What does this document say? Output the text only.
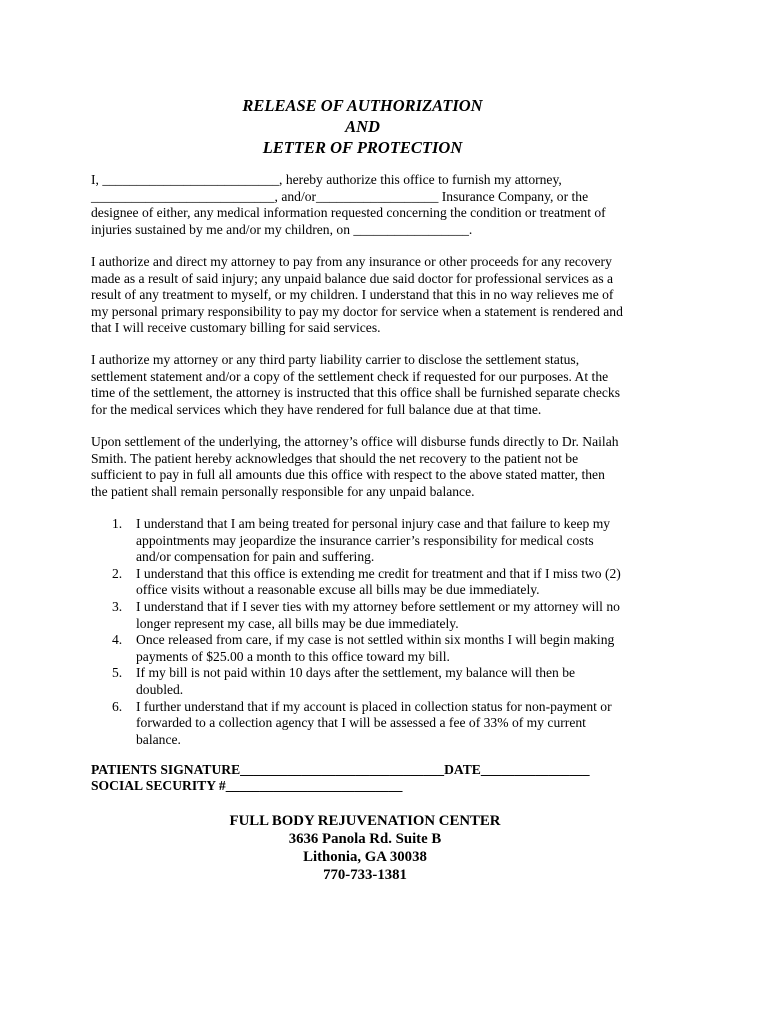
RELEASE OF AUTHORIZATION
AND
LETTER OF PROTECTION
I, __________________________, hereby authorize this office to furnish my attorney,
___________________________, and/or__________________ Insurance Company, or the
designee of either, any medical information requested concerning the condition or treatment of
injuries sustained by me and/or my children, on _________________.
I authorize and direct my attorney to pay from any insurance or other proceeds for any recovery
made as a result of said injury; any unpaid balance due said doctor for professional services as a
result of any treatment to myself, or my children. I understand that this in no way relieves me of
my personal primary responsibility to pay my doctor for service when a statement is rendered and
that I will receive customary billing for said services.
I authorize my attorney or any third party liability carrier to disclose the settlement status,
settlement statement and/or a copy of the settlement check if requested for our purposes. At the
time of the settlement, the attorney is instructed that this office shall be furnished separate checks
for the medical services which they have rendered for full balance due at that time.
Upon settlement of the underlying, the attorney’s office will disburse funds directly to Dr. Nailah
Smith. The patient hereby acknowledges that should the net recovery to the patient not be
sufficient to pay in full all amounts due this office with respect to the above stated matter, then
the patient shall remain personally responsible for any unpaid balance.
1. I understand that I am being treated for personal injury case and that failure to keep my
appointments may jeopardize the insurance carrier’s responsibility for medical costs
and/or compensation for pain and suffering.
2. I understand that this office is extending me credit for treatment and that if I miss two (2)
office visits without a reasonable excuse all bills may be due immediately.
3. I understand that if I sever ties with my attorney before settlement or my attorney will no
longer represent my case, all bills may be due immediately.
4. Once released from care, if my case is not settled within six months I will begin making
payments of $25.00 a month to this office toward my bill.
5. If my bill is not paid within 10 days after the settlement, my balance will then be
doubled.
6. I further understand that if my account is placed in collection status for non-payment or
forwarded to a collection agency that I will be assessed a fee of 33% of my current
balance.
PATIENTS SIGNATURE______________________________DATE________________
SOCIAL SECURITY #__________________________
FULL BODY REJUVENATION CENTER
3636 Panola Rd. Suite B
Lithonia, GA 30038
770-733-1381
